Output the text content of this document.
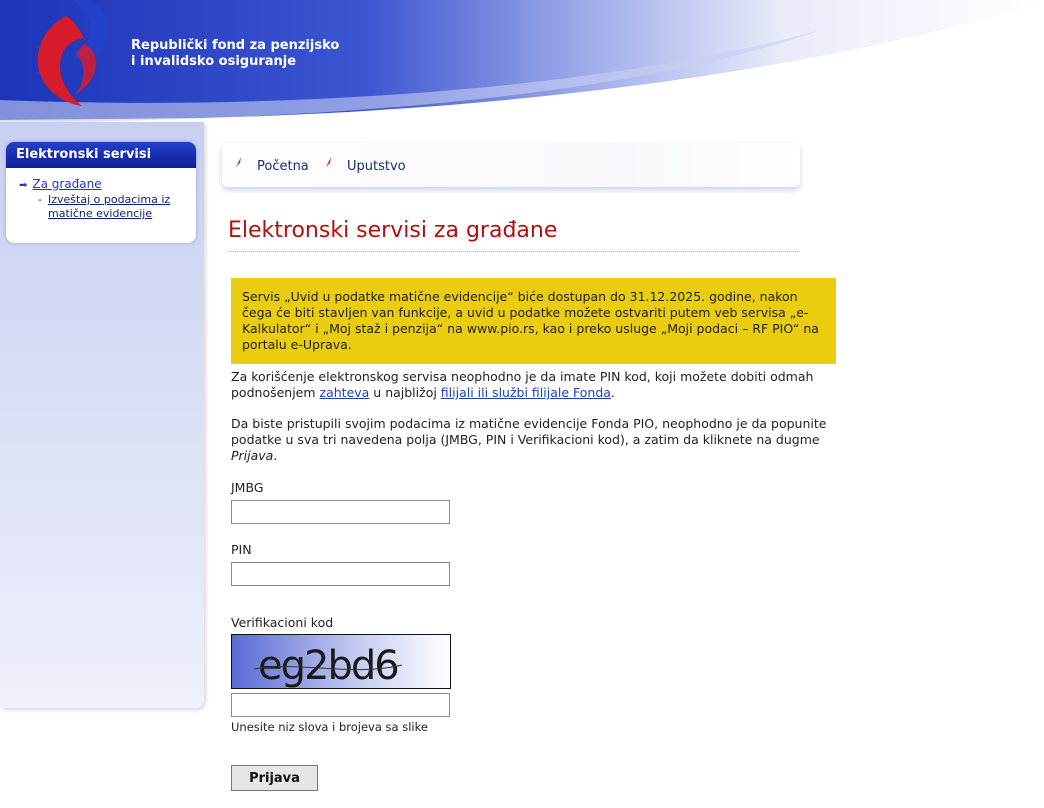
Republički fond za penzijsko
i invalidsko osiguranje
Elektronski servisi
➡ Za građane
- Izveštaj o podacima iz matične evidencije
Početna	Uputstvo
Elektronski servisi za građane
Servis „Uvid u podatke matične evidencije“ biće dostupan do 31.12.2025. godine, nakon čega će biti stavljen van funkcije, a uvid u podatke možete ostvariti putem veb servisa „e-Kalkulator“ i „Moj staž i penzija“ na www.pio.rs, kao i preko usluge „Moji podaci – RF PIO“ na portalu e-Uprava.
Za korišćenje elektronskog servisa neophodno je da imate PIN kod, koji možete dobiti odmah podnošenjem zahteva u najbližoj filijali ili službi filijale Fonda.
Da biste pristupili svojim podacima iz matične evidencije Fonda PIO, neophodno je da popunite podatke u sva tri navedena polja (JMBG, PIN i Verifikacioni kod), a zatim da kliknete na dugme Prijava.
JMBG
PIN
Verifikacioni kod
eg2bd6
Unesite niz slova i brojeva sa slike
Prijava
